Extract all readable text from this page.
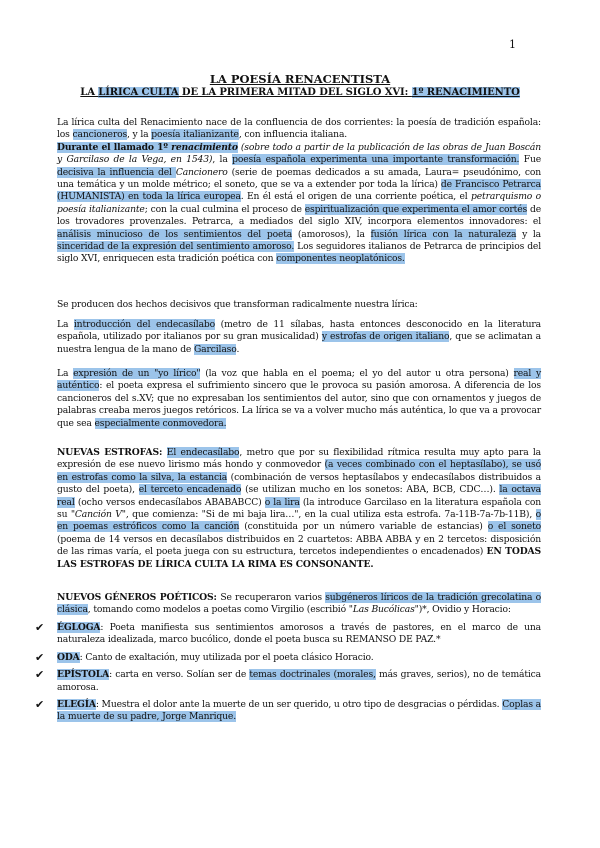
1
LA POESÍA RENACENTISTA
LA LÍRICA CULTA DE LA PRIMERA MITAD DEL SIGLO XVI: 1º RENACIMIENTO

La lírica culta del Renacimiento nace de la confluencia de dos corrientes: la poesía de tradición española: los cancioneros, y la poesía italianizante, con influencia italiana.
Durante el llamado 1º renacimiento (sobre todo a partir de la publicación de las obras de Juan Boscán y Garcilaso de la Vega, en 1543), la poesía española experimenta una importante transformación. Fue decisiva la influencia del Cancionero (serie de poemas dedicados a su amada, Laura= pseudónimo, con una temática y un molde métrico; el soneto, que se va a extender por toda la lírica) de Francisco Petrarca (HUMANISTA) en toda la lírica europea. En él está el origen de una corriente poética, el petrarquismo o poesía italianizante; con la cual culmina el proceso de espiritualización que experimenta el amor cortés de los trovadores provenzales. Petrarca, a mediados del siglo XIV, incorpora elementos innovadores: el análisis minucioso de los sentimientos del poeta (amorosos), la fusión lírica con la naturaleza y la sinceridad de la expresión del sentimiento amoroso. Los seguidores italianos de Petrarca de principios del siglo XVI, enriquecen esta tradición poética con componentes neoplatónicos.

Se producen dos hechos decisivos que transforman radicalmente nuestra lírica:

La introducción del endecasílabo (metro de 11 sílabas, hasta entonces desconocido en la literatura española, utilizado por italianos por su gran musicalidad) y estrofas de origen italiano, que se aclimatan a nuestra lengua de la mano de Garcilaso.

La expresión de un "yo lírico" (la voz que habla en el poema; el yo del autor u otra persona) real y auténtico: el poeta expresa el sufrimiento sincero que le provoca su pasión amorosa. A diferencia de los cancioneros del s.XV; que no expresaban los sentimientos del autor, sino que con ornamentos y juegos de palabras creaba meros juegos retóricos. La lírica se va a volver mucho más auténtica, lo que va a provocar que sea especialmente conmovedora.

NUEVAS ESTROFAS: El endecasílabo, metro que por su flexibilidad rítmica resulta muy apto para la expresión de ese nuevo lirismo más hondo y conmovedor (a veces combinado con el heptasílabo), se usó en estrofas como la silva, la estancia (combinación de versos heptasílabos y endecasílabos distribuidos a gusto del poeta), el terceto encadenado (se utilizan mucho en los sonetos: ABA, BCB, CDC…). la octava real (ocho versos endecasílabos ABABABCC) o la lira (la introduce Garcilaso en la literatura española con su "Canción V", que comienza: "Si de mi baja lira…", en la cual utiliza esta estrofa. 7a-11B-7a-7b-11B), o en poemas estróficos como la canción (constituida por un número variable de estancias) o el soneto (poema de 14 versos en decasílabos distribuidos en 2 cuartetos: ABBA ABBA y en 2 tercetos: disposición de las rimas varía, el poeta juega con su estructura, tercetos independientes o encadenados) EN TODAS LAS ESTROFAS DE LÍRICA CULTA LA RIMA ES CONSONANTE.

NUEVOS GÉNEROS POÉTICOS: Se recuperaron varios subgéneros líricos de la tradición grecolatina o clásica, tomando como modelos a poetas como Virgilio (escribió "Las Bucólicas")*, Ovidio y Horacio:

✔ ÉGLOGA: Poeta manifiesta sus sentimientos amorosos a través de pastores, en el marco de una naturaleza idealizada, marco bucólico, donde el poeta busca su REMANSO DE PAZ.*
✔ ODA: Canto de exaltación, muy utilizada por el poeta clásico Horacio.
✔ EPÍSTOLA: carta en verso. Solían ser de temas doctrinales (morales, más graves, serios), no de temática amorosa.
✔ ELEGÍA: Muestra el dolor ante la muerte de un ser querido, u otro tipo de desgracias o pérdidas. Coplas a la muerte de su padre, Jorge Manrique.
